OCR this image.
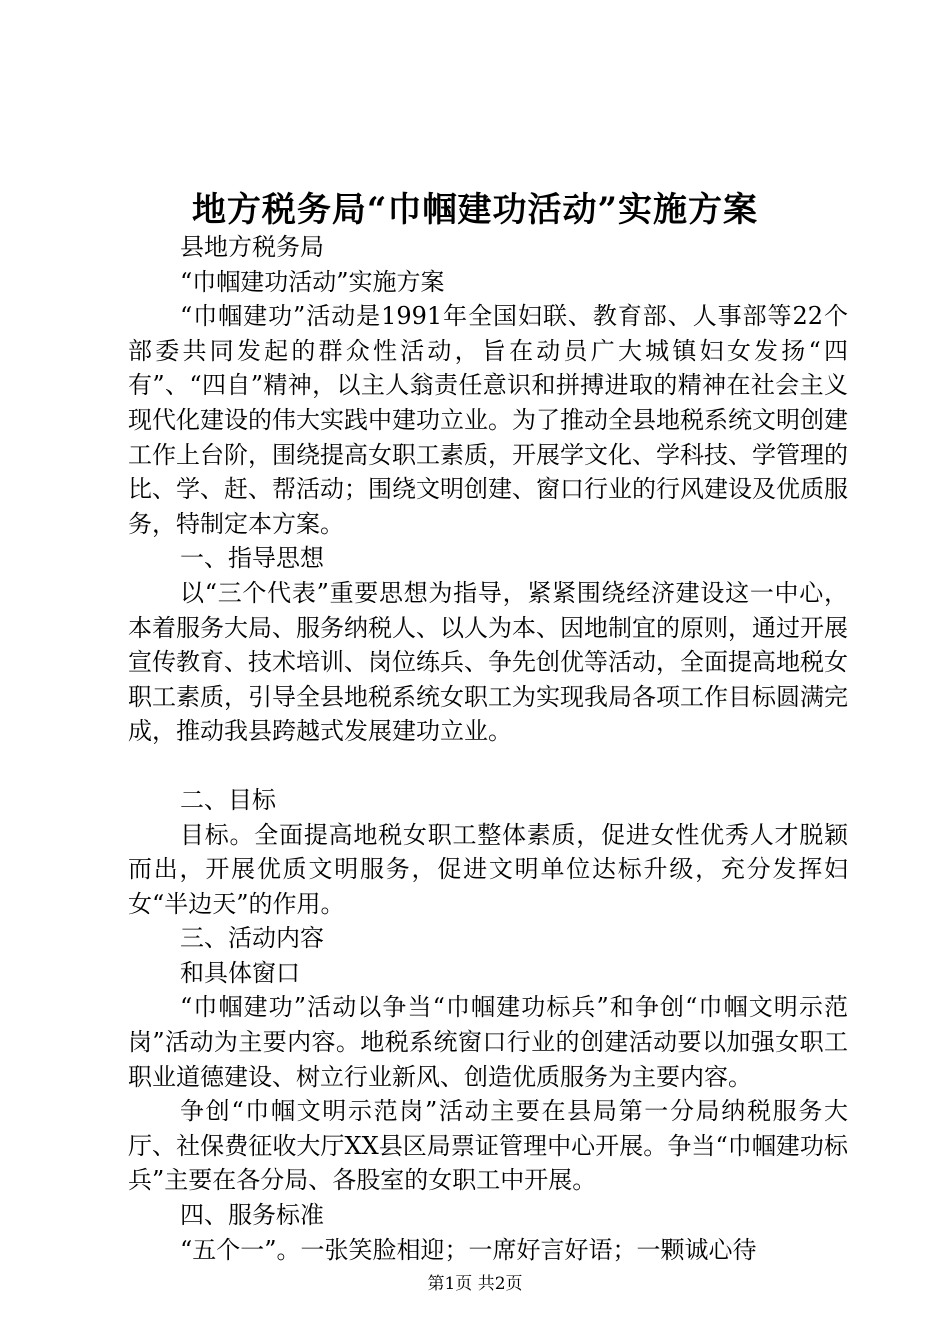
地方税务局“巾帼建功活动”实施方案

县地方税务局

“巾帼建功活动”实施方案

“巾帼建功”活动是1991年全国妇联、教育部、人事部等22个部委共同发起的群众性活动，旨在动员广大城镇妇女发扬“四有”、“四自”精神，以主人翁责任意识和拼搏进取的精神在社会主义现代化建设的伟大实践中建功立业。为了推动全县地税系统文明创建工作上台阶，围绕提高女职工素质，开展学文化、学科技、学管理的比、学、赶、帮活动；围绕文明创建、窗口行业的行风建设及优质服务，特制定本方案。

一、指导思想

以“三个代表”重要思想为指导，紧紧围绕经济建设这一中心，本着服务大局、服务纳税人、以人为本、因地制宜的原则，通过开展宣传教育、技术培训、岗位练兵、争先创优等活动，全面提高地税女职工素质，引导全县地税系统女职工为实现我局各项工作目标圆满完成，推动我县跨越式发展建功立业。

二、目标

目标。全面提高地税女职工整体素质，促进女性优秀人才脱颖而出，开展优质文明服务，促进文明单位达标升级，充分发挥妇女“半边天”的作用。

三、活动内容

和具体窗口

“巾帼建功”活动以争当“巾帼建功标兵”和争创“巾帼文明示范岗”活动为主要内容。地税系统窗口行业的创建活动要以加强女职工职业道德建设、树立行业新风、创造优质服务为主要内容。

争创“巾帼文明示范岗”活动主要在县局第一分局纳税服务大厅、社保费征收大厅XX县区局票证管理中心开展。争当“巾帼建功标兵”主要在各分局、各股室的女职工中开展。

四、服务标准

“五个一”。一张笑脸相迎；一席好言好语；一颗诚心待

第1页 共2页
